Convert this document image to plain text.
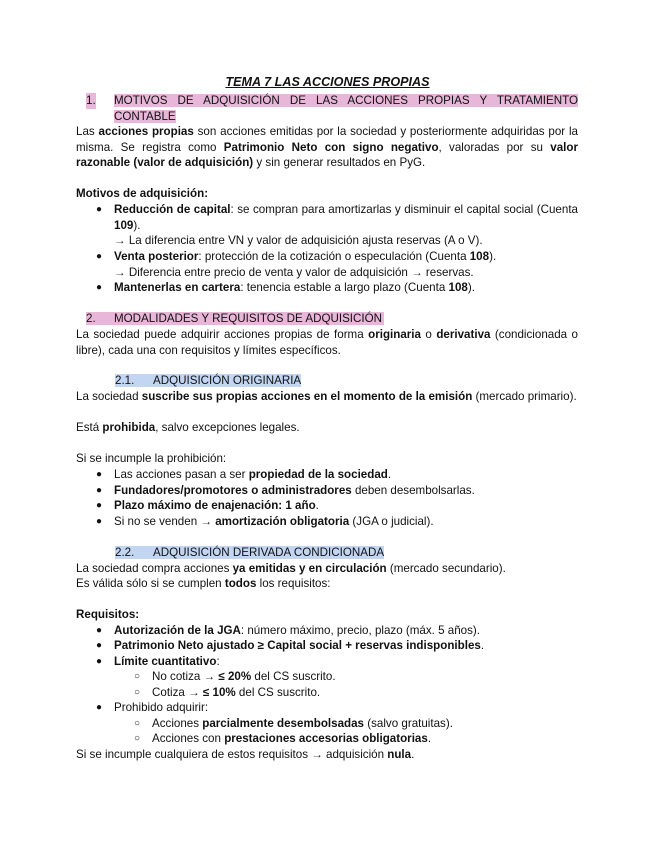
TEMA 7 LAS ACCIONES PROPIAS
1. MOTIVOS DE ADQUISICIÓN DE LAS ACCIONES PROPIAS Y TRATAMIENTO CONTABLE
Las acciones propias son acciones emitidas por la sociedad y posteriormente adquiridas por la misma. Se registra como Patrimonio Neto con signo negativo, valoradas por su valor razonable (valor de adquisición) y sin generar resultados en PyG.
Motivos de adquisición:
● Reducción de capital: se compran para amortizarlas y disminuir el capital social (Cuenta 109).
→ La diferencia entre VN y valor de adquisición ajusta reservas (A o V).
● Venta posterior: protección de la cotización o especulación (Cuenta 108).
→ Diferencia entre precio de venta y valor de adquisición → reservas.
● Mantenerlas en cartera: tenencia estable a largo plazo (Cuenta 108).
2. MODALIDADES Y REQUISITOS DE ADQUISICIÓN
La sociedad puede adquirir acciones propias de forma originaria o derivativa (condicionada o libre), cada una con requisitos y límites específicos.
2.1. ADQUISICIÓN ORIGINARIA
La sociedad suscribe sus propias acciones en el momento de la emisión (mercado primario).
Está prohibida, salvo excepciones legales.
Si se incumple la prohibición:
● Las acciones pasan a ser propiedad de la sociedad.
● Fundadores/promotores o administradores deben desembolsarlas.
● Plazo máximo de enajenación: 1 año.
● Si no se venden → amortización obligatoria (JGA o judicial).
2.2. ADQUISICIÓN DERIVADA CONDICIONADA
La sociedad compra acciones ya emitidas y en circulación (mercado secundario).
Es válida sólo si se cumplen todos los requisitos:
Requisitos:
● Autorización de la JGA: número máximo, precio, plazo (máx. 5 años).
● Patrimonio Neto ajustado ≥ Capital social + reservas indisponibles.
● Límite cuantitativo:
○ No cotiza → ≤ 20% del CS suscrito.
○ Cotiza → ≤ 10% del CS suscrito.
● Prohibido adquirir:
○ Acciones parcialmente desembolsadas (salvo gratuitas).
○ Acciones con prestaciones accesorias obligatorias.
Si se incumple cualquiera de estos requisitos → adquisición nula.
